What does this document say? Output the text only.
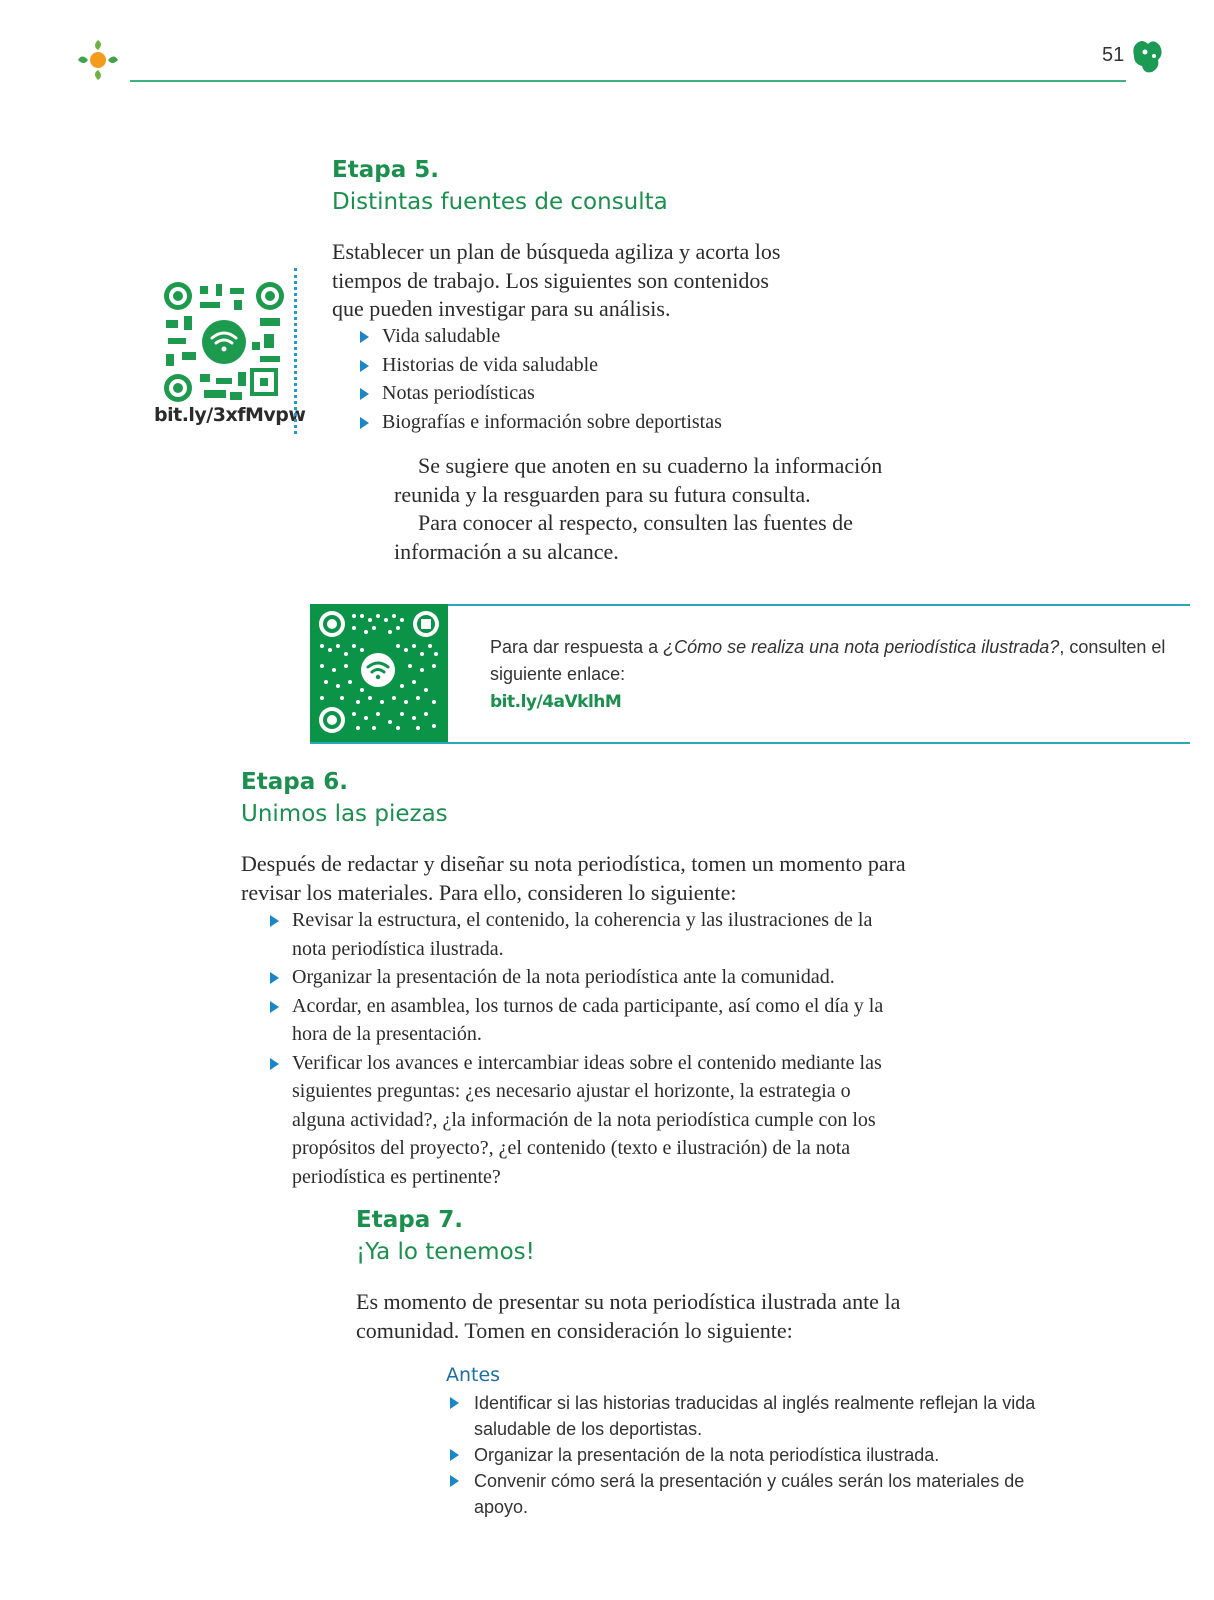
51
Etapa 5.
Distintas fuentes de consulta

Establecer un plan de búsqueda agiliza y acorta los tiempos de trabajo. Los siguientes son contenidos que pueden investigar para su análisis.

Vida saludable
Historias de vida saludable
Notas periodísticas
Biografías e información sobre deportistas

Se sugiere que anoten en su cuaderno la información reunida y la resguarden para su futura consulta.

Para conocer al respecto, consulten las fuentes de información a su alcance.

bit.ly/3xfMvpw
Para dar respuesta a ¿Cómo se realiza una nota periodística ilustrada?, consulten el siguiente enlace:
bit.ly/4aVklhM
Etapa 6.
Unimos las piezas

Después de redactar y diseñar su nota periodística, tomen un momento para revisar los materiales. Para ello, consideren lo siguiente:

Revisar la estructura, el contenido, la coherencia y las ilustraciones de la nota periodística ilustrada.
Organizar la presentación de la nota periodística ante la comunidad.
Acordar, en asamblea, los turnos de cada participante, así como el día y la hora de la presentación.
Verificar los avances e intercambiar ideas sobre el contenido mediante las siguientes preguntas: ¿es necesario ajustar el horizonte, la estrategia o alguna actividad?, ¿la información de la nota periodística cumple con los propósitos del proyecto?, ¿el contenido (texto e ilustración) de la nota periodística es pertinente?
Etapa 7.
¡Ya lo tenemos!

Es momento de presentar su nota periodística ilustrada ante la comunidad. Tomen en consideración lo siguiente:

Antes
Identificar si las historias traducidas al inglés realmente reflejan la vida saludable de los deportistas.
Organizar la presentación de la nota periodística ilustrada.
Convenir cómo será la presentación y cuáles serán los materiales de apoyo.
